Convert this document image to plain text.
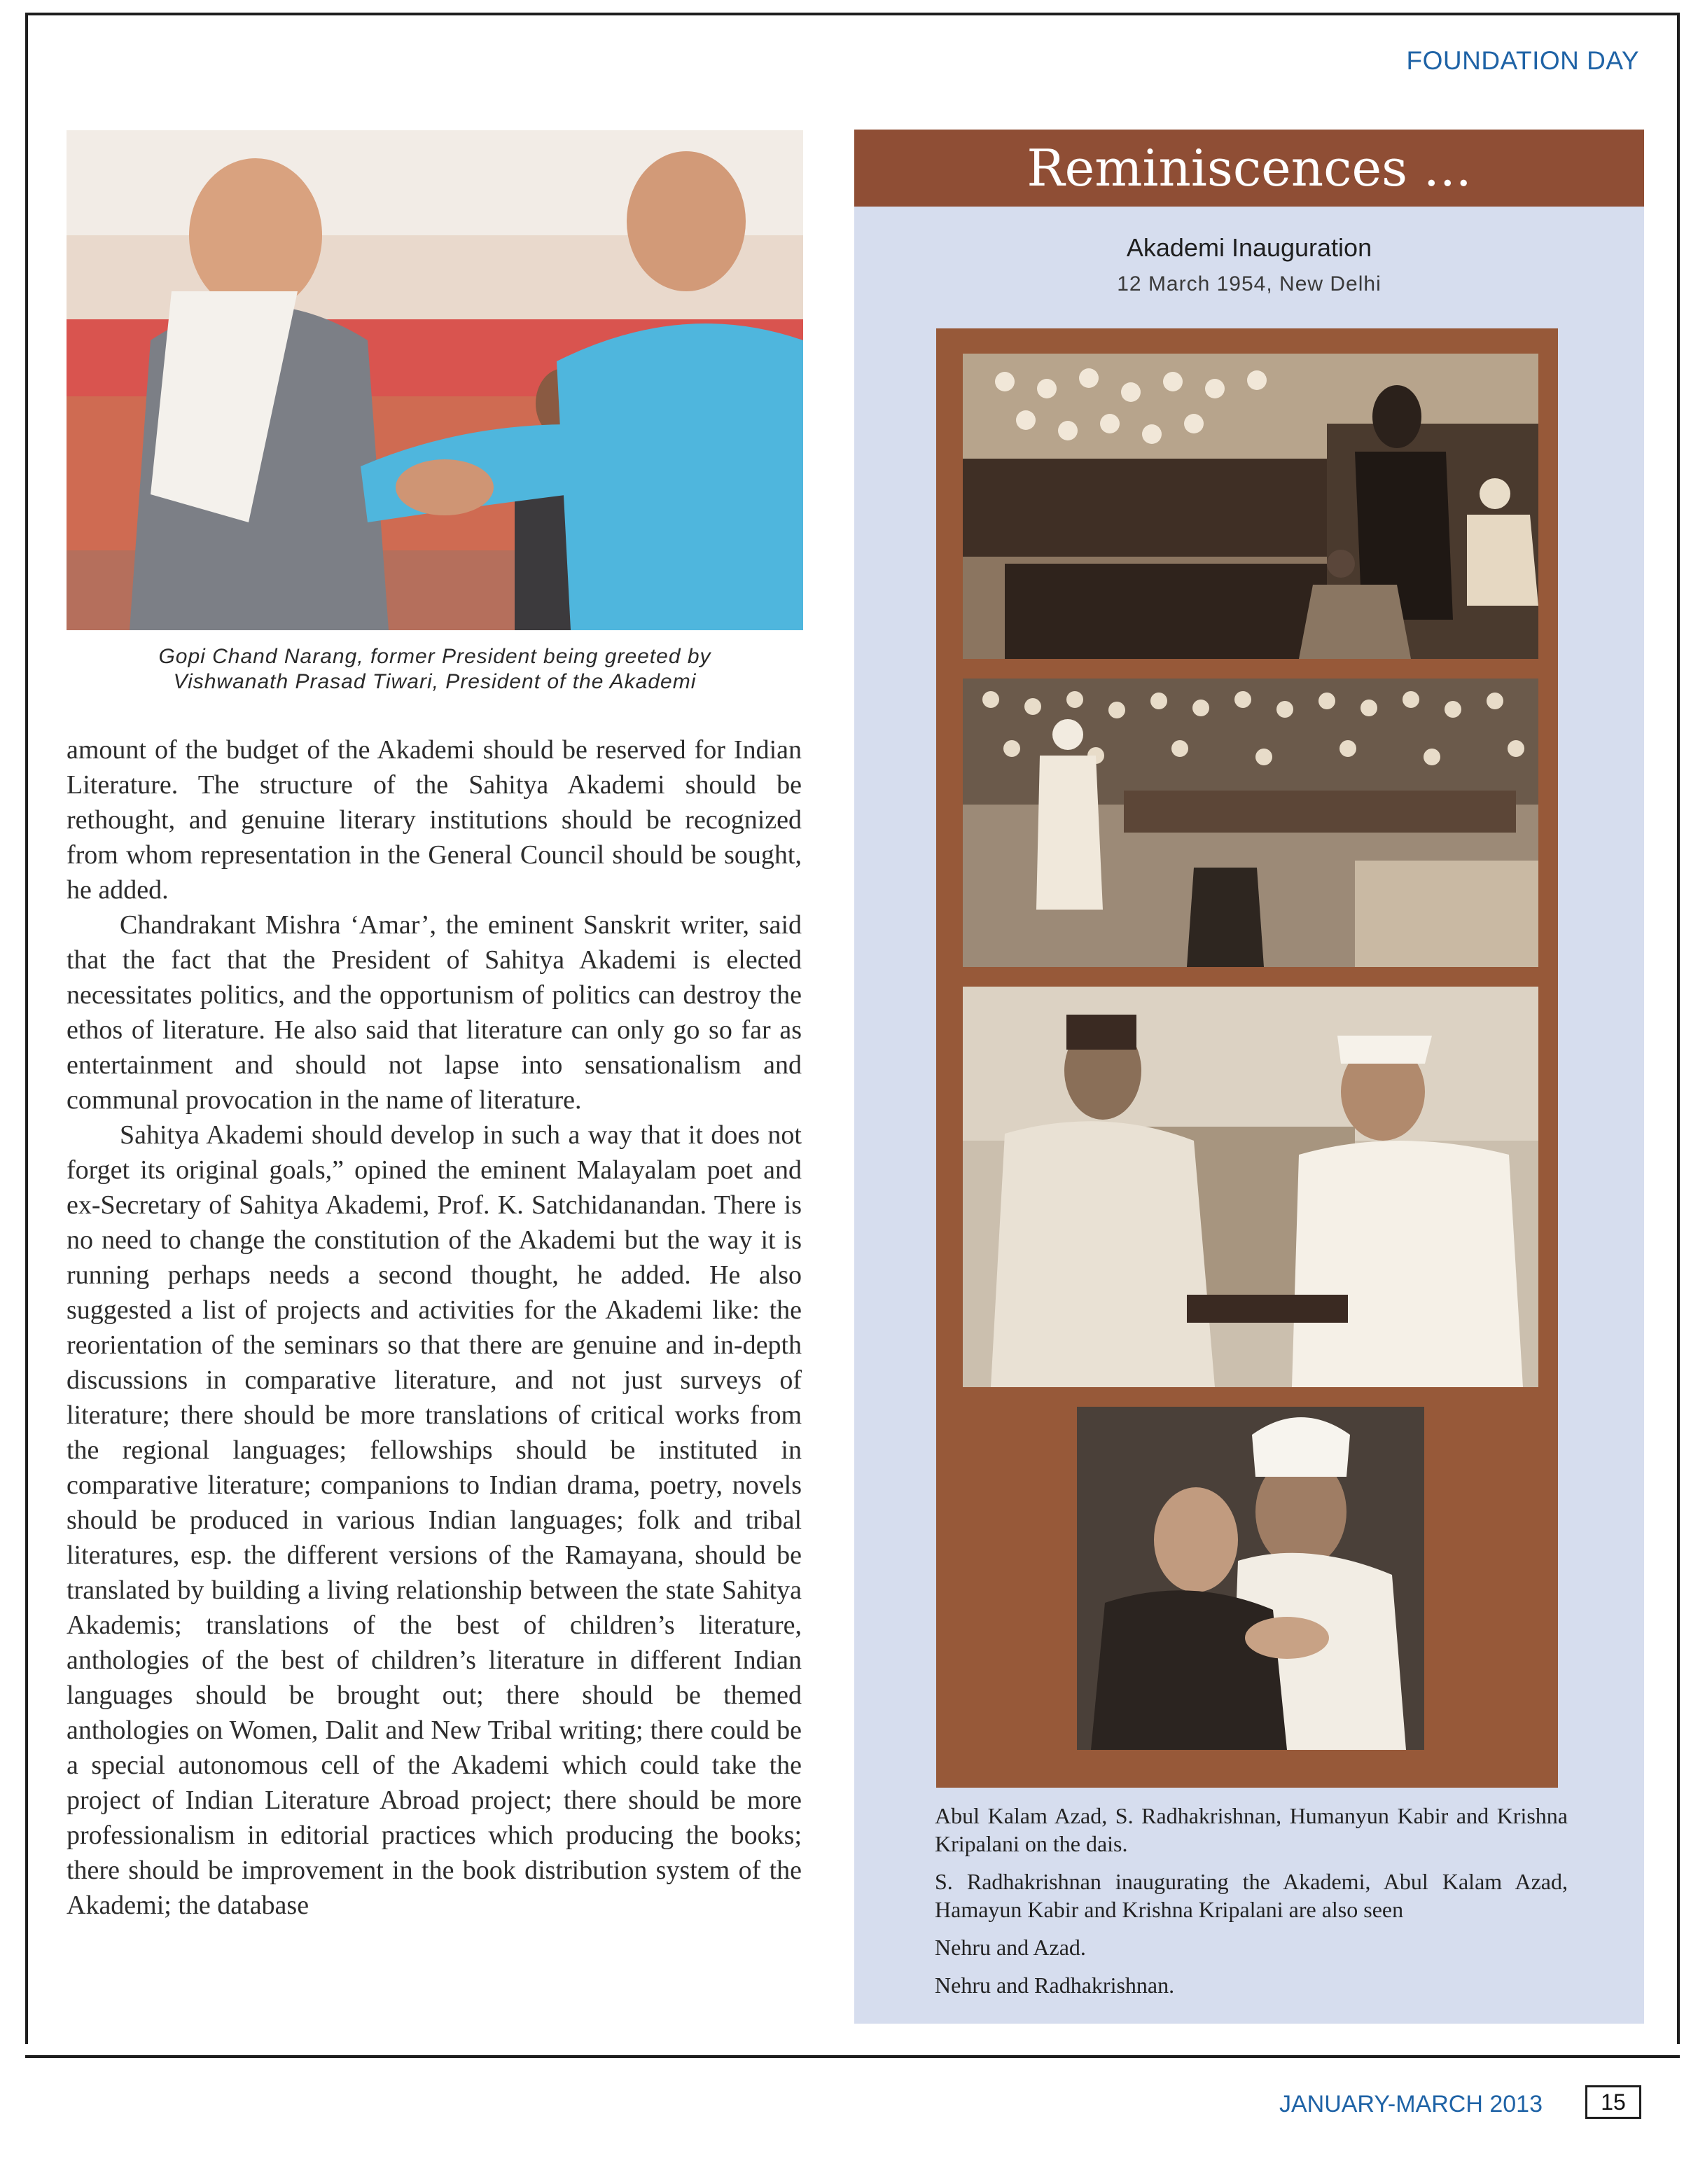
FOUNDATION DAY
Gopi Chand Narang, former President being greeted by
Vishwanath Prasad Tiwari, President of the Akademi

amount of the budget of the Akademi should be reserved for Indian Literature. The structure of the Sahitya Akademi should be rethought, and genuine literary institutions should be recognized from whom representation in the General Council should be sought, he added.

Chandrakant Mishra ‘Amar’, the eminent Sanskrit writer, said that the fact that the President of Sahitya Akademi is elected necessitates politics, and the opportunism of politics can destroy the ethos of literature. He also said that literature can only go so far as entertainment and should not lapse into sensationalism and communal provocation in the name of literature.

Sahitya Akademi should develop in such a way that it does not forget its original goals,” opined the eminent Malayalam poet and ex-Secretary of Sahitya Akademi, Prof. K. Satchidanandan. There is no need to change the constitution of the Akademi but the way it is running perhaps needs a second thought, he added. He also suggested a list of projects and activities for the Akademi like: the reorientation of the seminars so that there are genuine and in-depth discussions in comparative literature, and not just surveys of literature; there should be more translations of critical works from the regional languages; fellowships should be instituted in comparative literature; companions to Indian drama, poetry, novels should be produced in various Indian languages; folk and tribal literatures, esp. the different versions of the Ramayana, should be translated by building a living relationship between the state Sahitya Akademis; translations of the best of children’s literature, anthologies of the best of children’s literature in different Indian languages should be brought out; there should be themed anthologies on Women, Dalit and New Tribal writing; there could be a special autonomous cell of the Akademi which could take the project of Indian Literature Abroad project; there should be more professionalism in editorial practices which producing the books; there should be improvement in the book distribution system of the Akademi; the database

Reminiscences ...
Akademi Inauguration
12 March 1954, New Delhi

Abul Kalam Azad, S. Radhakrishnan, Humanyun Kabir and Krishna Kripalani on the dais.

S. Radhakrishnan inaugurating the Akademi, Abul Kalam Azad, Hamayun Kabir and Krishna Kripalani are also seen

Nehru and Azad.

Nehru and Radhakrishnan.

JANUARY-MARCH 2013	15
